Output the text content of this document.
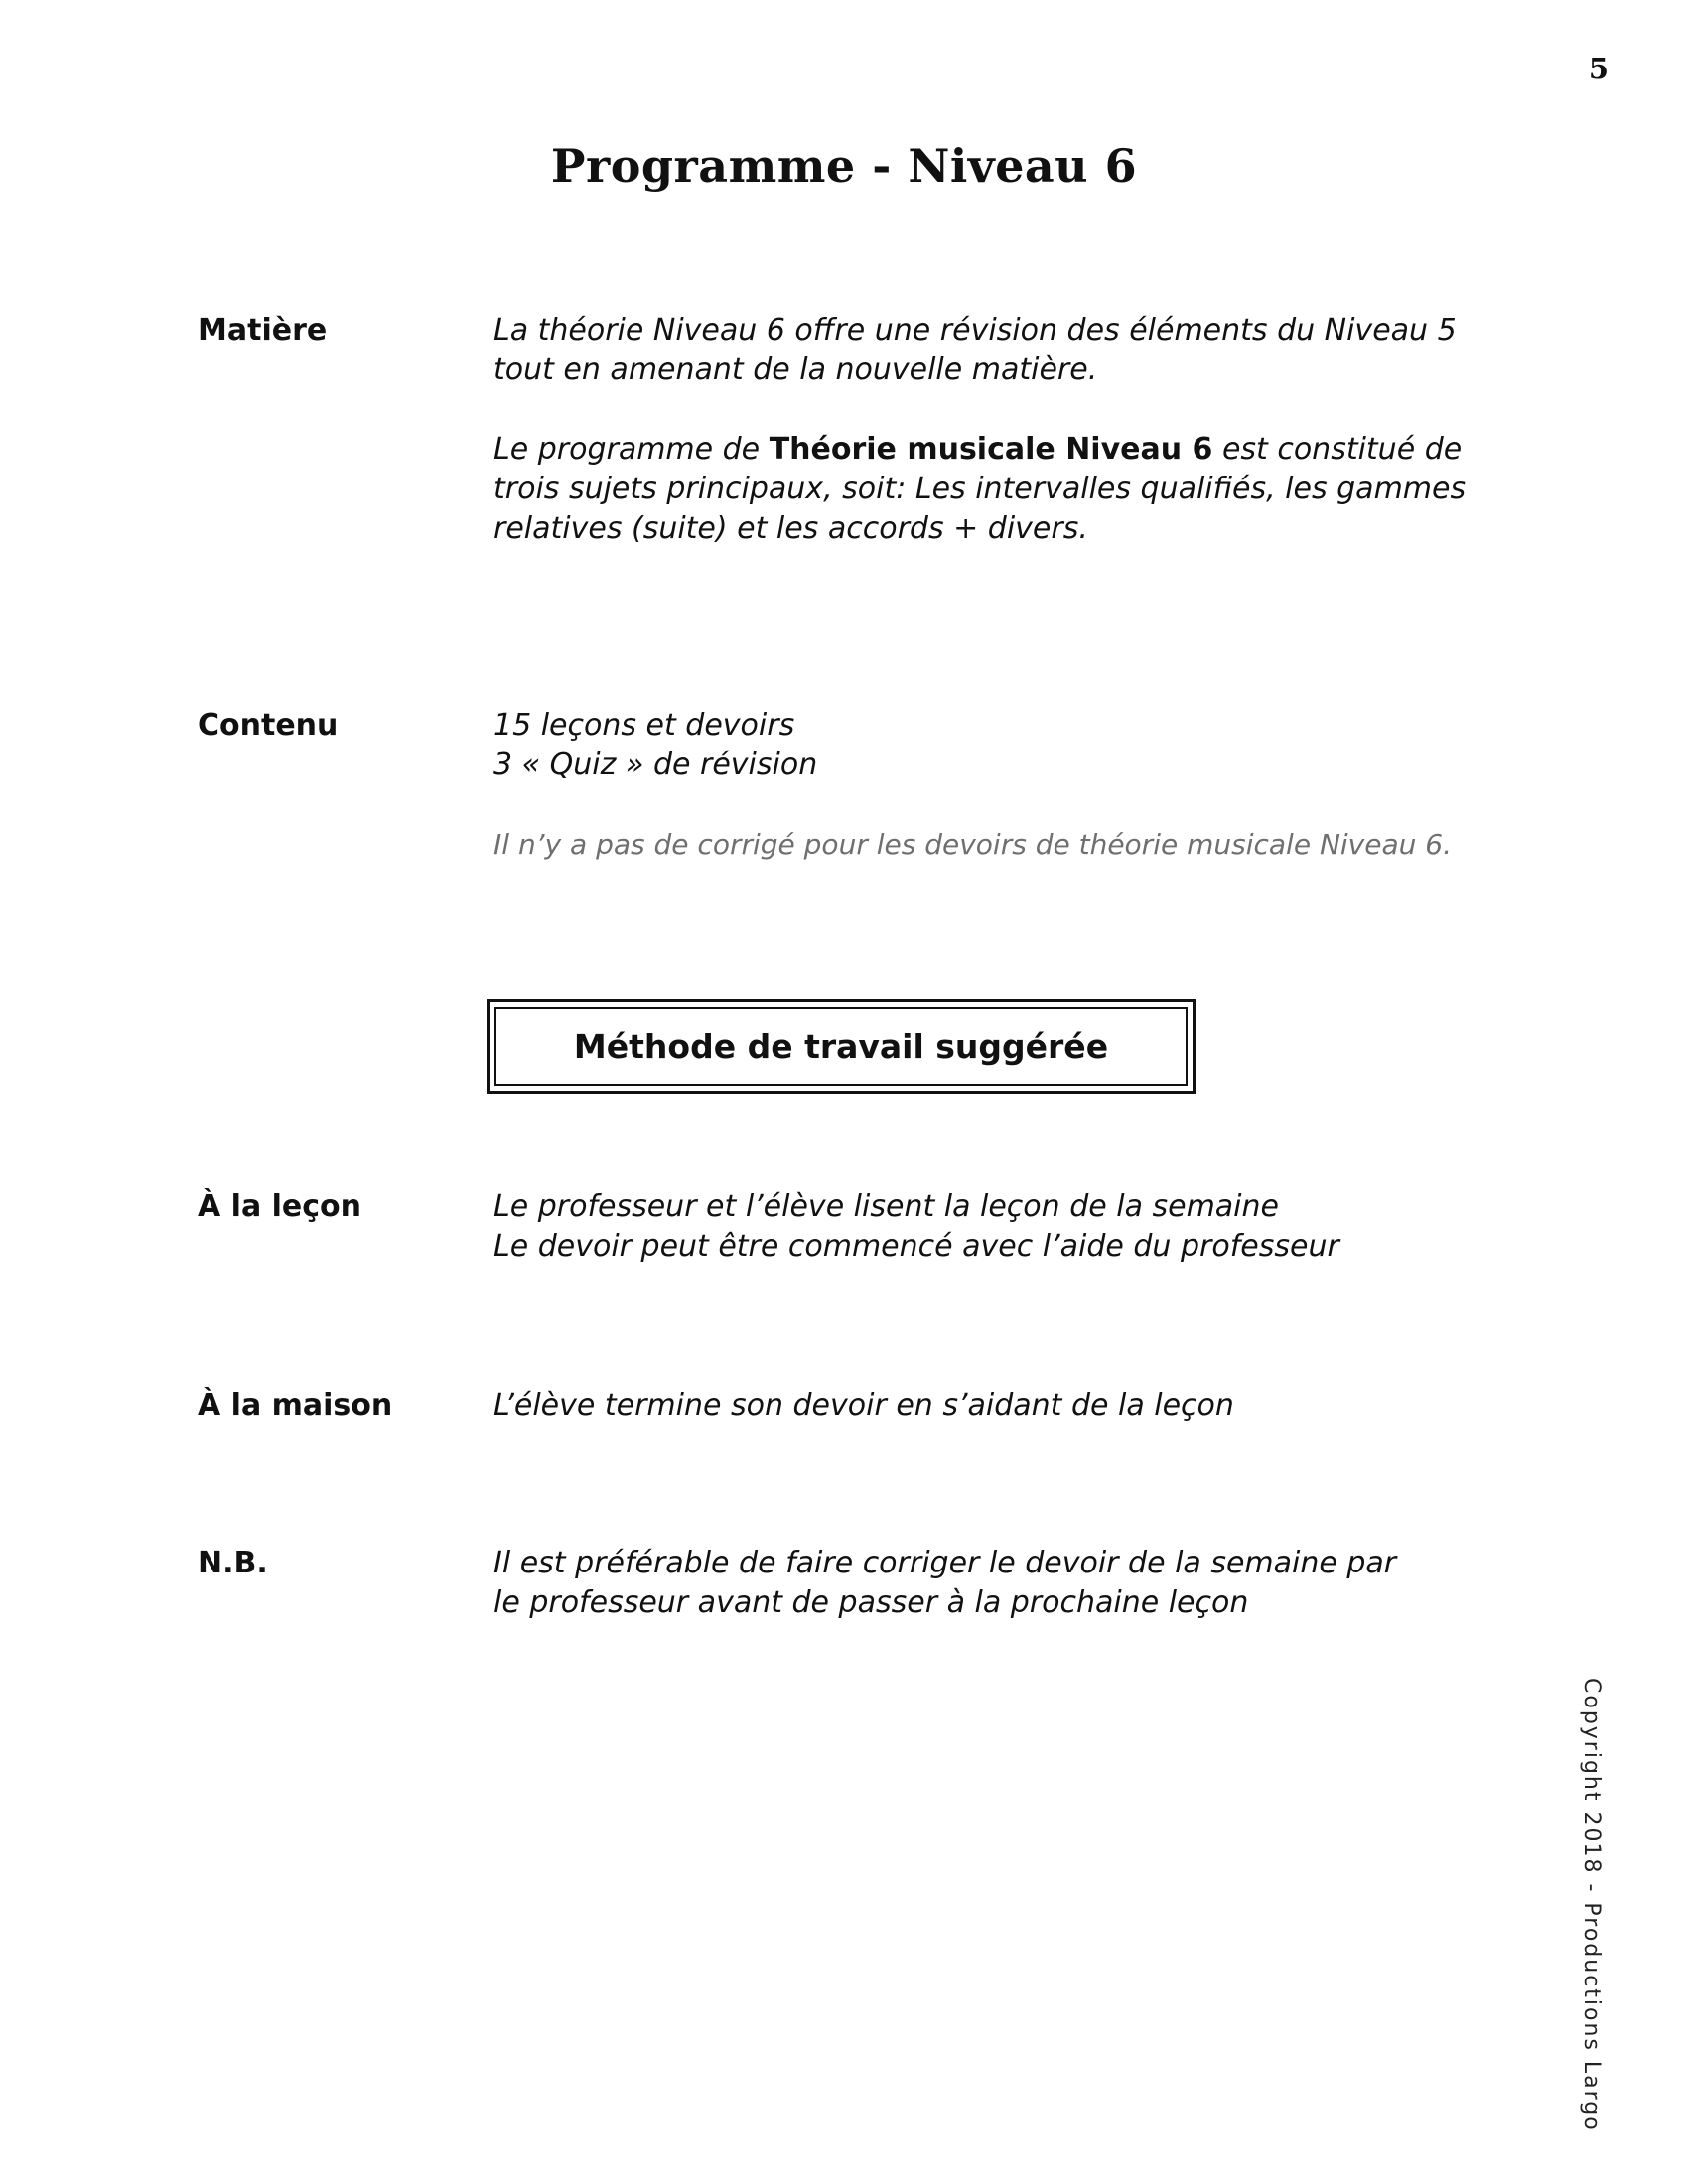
5
Programme - Niveau 6
Matière	La théorie Niveau 6 offre une révision des éléments du Niveau 5
tout en amenant de la nouvelle matière.

Le programme de Théorie musicale Niveau 6 est constitué de
trois sujets principaux, soit: Les intervalles qualifiés, les gammes
relatives (suite) et les accords + divers.

Contenu	15 leçons et devoirs
3 « Quiz » de révision
Il n’y a pas de corrigé pour les devoirs de théorie musicale Niveau 6.
Méthode de travail suggérée
À la leçon	Le professeur et l’élève lisent la leçon de la semaine
Le devoir peut être commencé avec l’aide du professeur
À la maison	L’élève termine son devoir en s’aidant de la leçon
N.B.	Il est préférable de faire corriger le devoir de la semaine par
le professeur avant de passer à la prochaine leçon
Copyright 2018 - Productions Largo
